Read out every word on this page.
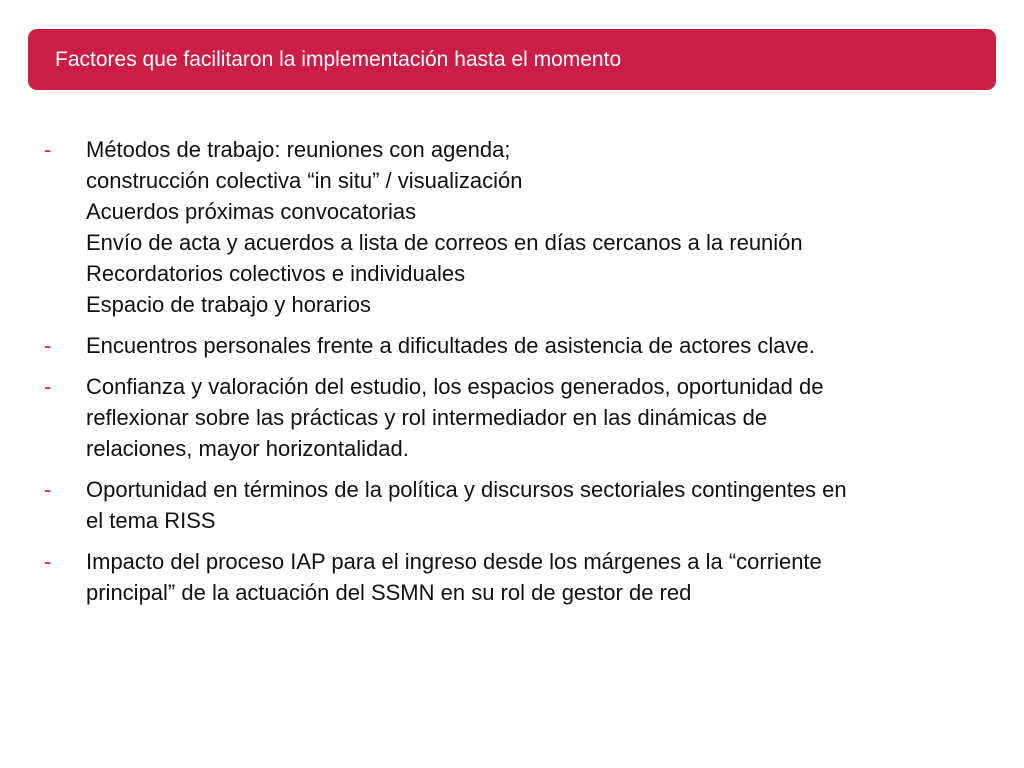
Factores que facilitaron la implementación hasta el momento
- Métodos de trabajo: reuniones con agenda;
construcción colectiva “in situ” / visualización
Acuerdos próximas convocatorias
Envío de acta y acuerdos a lista de correos en días cercanos a la reunión
Recordatorios colectivos e individuales
Espacio de trabajo y horarios
- Encuentros personales frente a dificultades de asistencia de actores clave.
- Confianza y valoración del estudio, los espacios generados, oportunidad de
reflexionar sobre las prácticas y rol intermediador en las dinámicas de
relaciones, mayor horizontalidad.
- Oportunidad en términos de la política y discursos sectoriales contingentes en
el tema RISS
- Impacto del proceso IAP para el ingreso desde los márgenes a la “corriente
principal” de la actuación del SSMN en su rol de gestor de red
